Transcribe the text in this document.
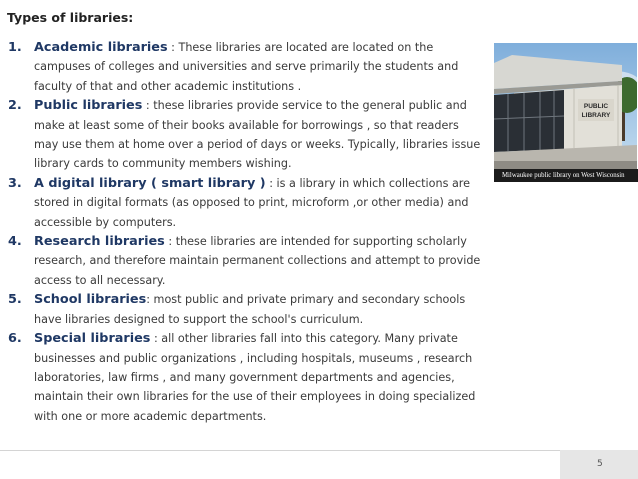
Types of libraries:
1. Academic libraries : These libraries are located are located on the campuses of colleges and universities and serve primarily the students and faculty of that and other academic institutions .
2. Public libraries : these libraries provide service to the general public and make at least some of their books available for borrowings , so that readers may use them at home over a period of days or weeks. Typically, libraries issue library cards to community members wishing.
3. A digital library ( smart library ) : is a library in which collections are stored in digital formats (as opposed to print, microform ,or other media) and accessible by computers.
4. Research libraries : these libraries are intended for supporting scholarly research, and therefore maintain permanent collections and attempt to provide access to all necessary.
5. School libraries: most public and private primary and secondary schools have libraries designed to support the school's curriculum.
6. Special libraries : all other libraries fall into this category. Many private businesses and public organizations , including hospitals, museums , research laboratories, law firms , and many government departments and agencies, maintain their own libraries for the use of their employees in doing specialized with one or more academic departments.
PUBLIC
LIBRARY
Milwaukee public library on West Wisconsin
5
